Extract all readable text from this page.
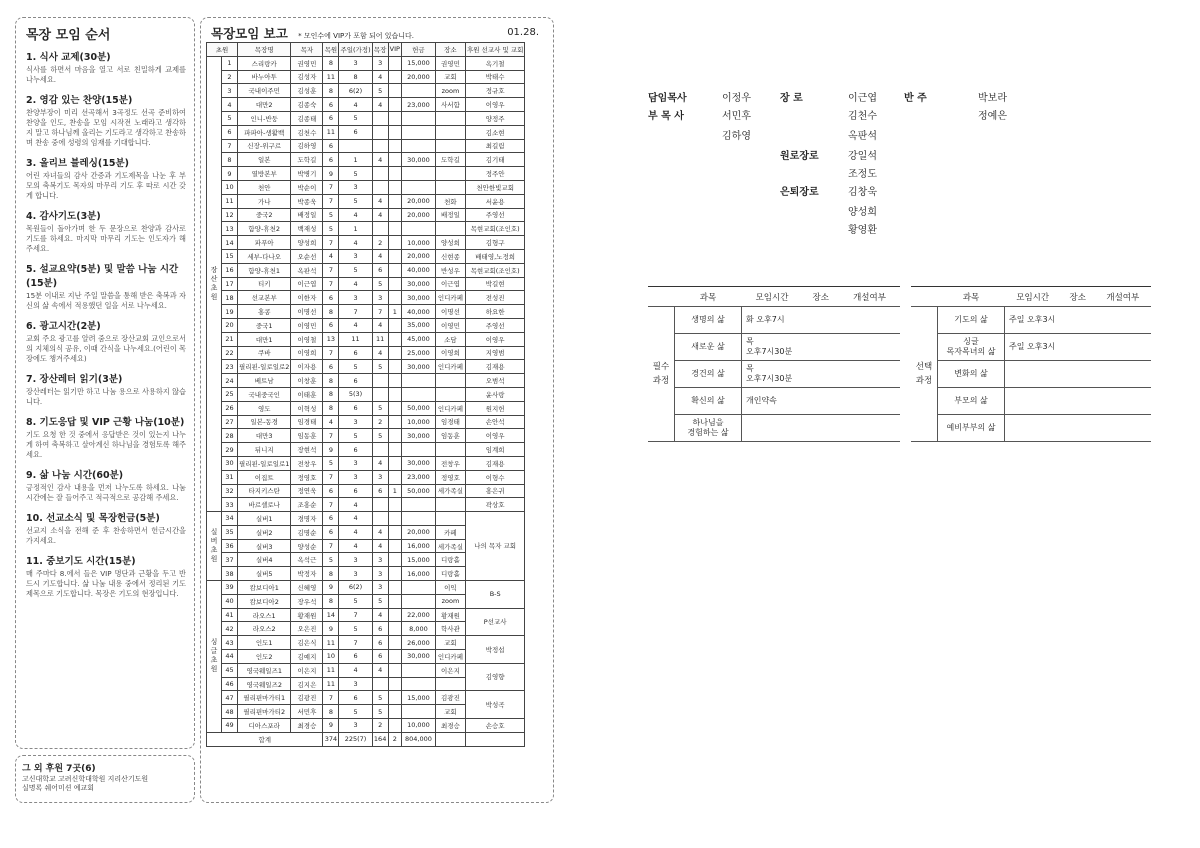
목장 모임 순서
1. 식사 교제(30분)
식사를 하면서 마음을 열고 서로 친밀하게 교제를 나누세요.
2. 영감 있는 찬양(15분)
찬양부장이 미리 선곡해서 3곡정도 선곡 준비하여 찬양을 인도, 찬송을 모임 시작전 노래라고 생각하지 말고 하나님께 올리는 기도라고 생각하고 찬송하며 찬송 중에 성령의 임재를 기대합니다.
3. 올리브 블레싱(15분)
어린 자녀들의 감사 간증과 기도제목을 나눈 후 부모의 축복기도 목자의 마무리 기도 후 따로 시간 갖게 합니다.
4. 감사기도(3분)
목원들이 돌아가며 한 두 문장으로 찬양과 감사로 기도를 하세요. 마지막 마무리 기도는 인도자가 해주세요.
5. 설교요약(5분) 및 말씀 나눔 시간(15분)
15분 이내로 지난 주일 말씀을 통해 받은 축복과 자신의 삶 속에서 적용했던 일을 서로 나누세요.
6. 광고시간(2분)
교회 주요 광고를 알려 줌으로 장산교회 교인으로서의 지체의식 공유, 이때 간식을 나누세요.(어린이 목장에도 챙겨주세요)
7. 장산레터 읽기(3분)
장산레터는 읽기만 하고 나눔 용으로 사용하지 않습니다.
8. 기도응답 및 VIP 근황 나눔(10분)
기도 요청 한 것 중에서 응답받은 것이 있는지 나누게 하여 축복하고 살아계신 하나님을 경험토록 해주세요.
9. 삶 나눔 시간(60분)
긍정적인 감사 내용을 먼저 나누도록 하세요. 나눔 시간에는 잘 들어주고 적극적으로 공감해 주세요.
10. 선교소식 및 목장헌금(5분)
선교지 소식을 전해 준 후 찬송하면서 헌금시간을 가지세요.
11. 중보기도 시간(15분)
매 주마다 8.에서 들은 VIP 명단과 근황을 두고 반드시 기도합니다. 삶 나눔 내용 중에서 정리된 기도제목으로 기도합니다. 목장은 기도의 현장입니다.
그 외 후원 7곳(6)
고신대학교 고려신학대학원 지리산기도원
실명록 쉐어미션 예교회
목장모임 보고 * 모인수에 VIP가 포함 되어 있습니다.	01.28.
초원		목장명	목자	목원	주일(가정)	목장	VIP	헌금	장소	후원 선교사 및 교회
장산초원	1	스리랑카	권영민	8	3	3		15,000	권영민	옥기철
	2	바누아투	김성자	11	8	4		20,000	교회	박태수
	3	국내이주민	김성훈	8	6(2)	5			zoom	정규호
	4	대만2	김종숙	6	4	4		23,000	사서함	이영우
	5	인니-반둥	김종태	6	5					양정주
	6	파파아-생활백	김천수	11	6					김소현
	7	신장-위구르	김하영	6						최길림
	8	일본	도학길	6	1	4		30,000	도학길	김기태
	9	열방본부	박병기	9	5					정주안
	10	천안	박순이	7	3					천안한빛교회
	11	가나	박종욱	7	5	4		20,000	천화	서윤용
	12	중국2	배정일	5	4	4		20,000	배정일	주영선
	13	함양-휴천2	백재성	5	1					목현교회(조인호)
	14	파푸아	양성희	7	4	2		10,000	양성희	김형구
	15	세부-다나오	오순선	4	3	4		20,000	신현종	배태영,노정희
	16	함양-휴천1	옥판석	7	5	6		40,000	반성우	목현교회(조인호)
	17	티키	이근엽	7	4	5		30,000	이근엽	박길현
	18	선교본부	이한자	6	3	3		30,000	인디카페	전성진
	19	홍콩	이명선	8	7	7	1	40,000	이명선	하요한
	20	중국1	이영민	6	4	4		35,000	이영민	주영선
	21	대만1	이영철	13	11	11		45,000	소담	이영우
	22	쿠바	이영희	7	6	4		25,000	이영희	지영범
	23	필리핀-일로일로2	이자용	6	5	5		30,000	인디카페	김재용
	24	베트남	이창훈	8	6					오범석
	25	국내중국인	이태훈	8	5(3)					윤사랑
	26	영도	이혁성	8	6	5		50,000	인디카페	원지헌
	27	일본-동경	임경태	4	3	2		10,000	임경태	손안석
	28	대만3	임동훈	7	5	5		30,000	임동훈	이영우
	29	뒤니지	장현석	9	6					임계희
	30	필리핀-일로일로1	전창우	5	3	4		30,000	전창우	김재용
	31	이집트	정영호	7	3	3		23,000	정영호	이형수
	32	타지키스탄	정연욱	6	6	6	1	50,000	세가족실	홍은귀
	33	바르셀로나	조홍순	7	4					곽상호
실버초원	34	실버1	경명자	6	4					나의 목자 교회
	35	실버2	김명순	6	4	4		20,000	카페	
	36	실버3	양성순	7	4	4		16,000	세가족실	
	37	실버4	옥석근	5	3	3		15,000	디랑홀	
	38	실버5	박정자	8	3	3		16,000	디랑홀	
싱글초원	39	캄보디아1	신혜영	9	6(2)	3			이익	B-S
	40	캄보디아2	장우석	8	5	5			zoom	
	41	라오스1	황재원	14	7	4		22,000	황재원	P선교사
	42	라오스2	오은진	9	5	6		8,000	학사관	
	43	인도1	김은식	11	7	6		26,000	교회	박정섭
	44	인도2	김예지	10	6	6		30,000	인디카페	
	45	영국웨일즈1	이은지	11	4	4			이은지	김영향
	46	영국웨일즈2	김지은	11	3					
	47	필리핀마가티1	김광진	7	6	5		15,000	김광진	박성곡
	48	필리핀마가티2	서민후	8	5	5			교회	
	49	디아스포라	최경승	9	3	2		10,000	최경승	손승호
합계				374	225(7)	164	2	804,000		
담임목사	이정우
부 목 사	서민후
김하영
장 로	이근엽
김천수
옥판석
원로장로	강일석
조정도
은퇴장로	김창욱
양성희
황영환
반 주	박보라
정예은
	과목	모임시간	장소	개설여부
필수과정	생명의 삶	화 오후7시		
	새로운 삶	목
오후7시30분		
	경건의 삶	목
오후7시30분		
	확신의 삶	개인약속		
	하나님을
경험하는 삶			
	과목	모임시간	장소	개설여부
선택과정	기도의 삶	주일 오후3시		
	싱글
목자목녀의 삶	주일 오후3시		
	변화의 삶			
	부모의 삶			
	예비부부의 삶			
